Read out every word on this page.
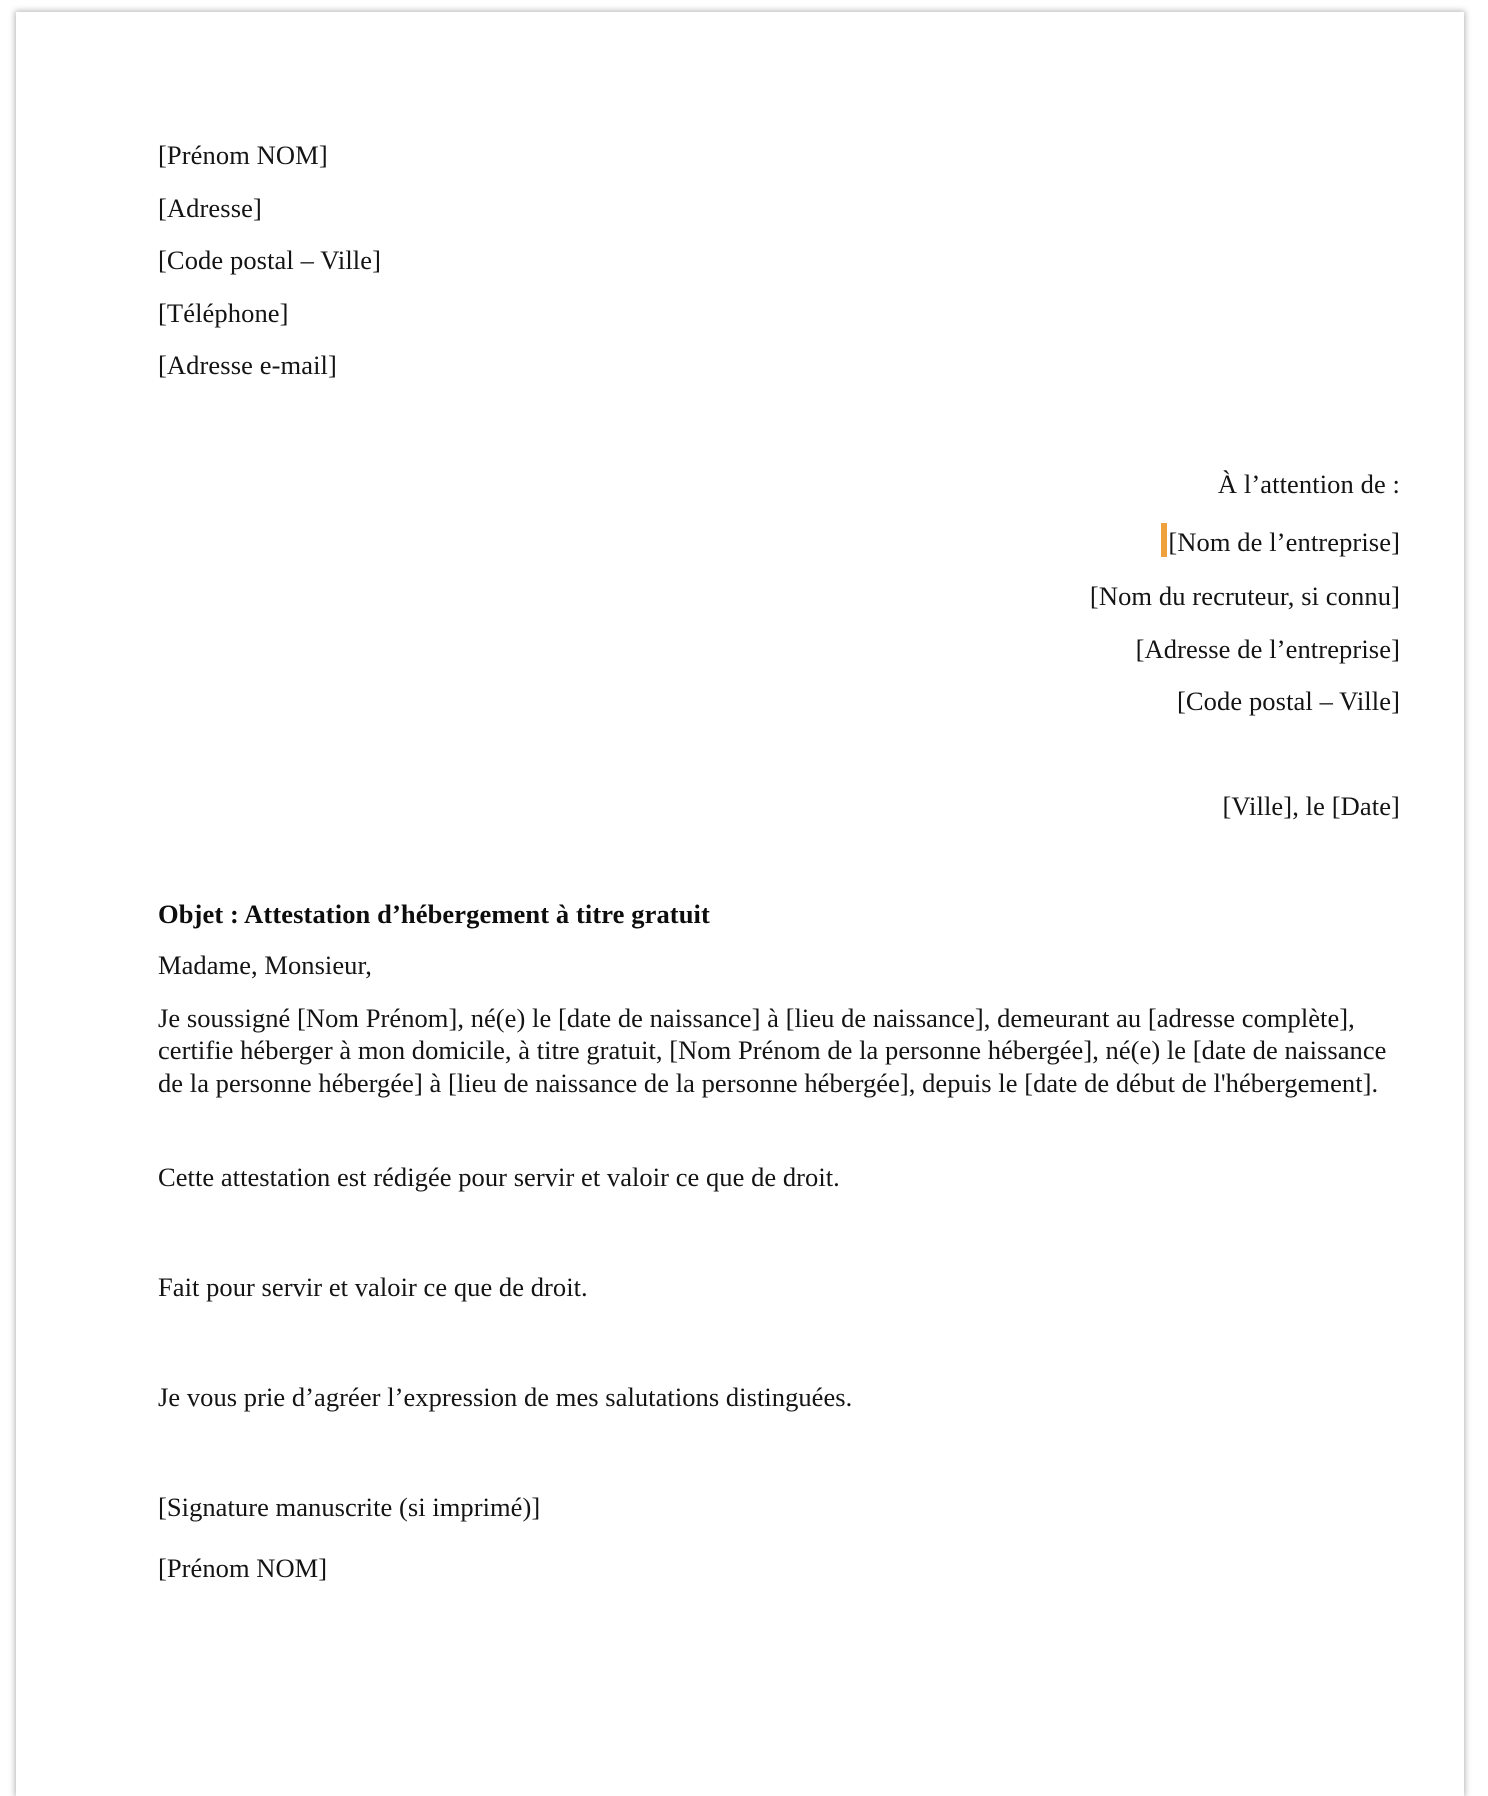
[Prénom NOM]
[Adresse]
[Code postal – Ville]
[Téléphone]
[Adresse e-mail]
À l’attention de :
[Nom de l’entreprise]
[Nom du recruteur, si connu]
[Adresse de l’entreprise]
[Code postal – Ville]
[Ville], le [Date]
Objet : Attestation d’hébergement à titre gratuit
Madame, Monsieur,
Je soussigné [Nom Prénom], né(e) le [date de naissance] à [lieu de naissance], demeurant au [adresse complète], certifie héberger à mon domicile, à titre gratuit, [Nom Prénom de la personne hébergée], né(e) le [date de naissance de la personne hébergée] à [lieu de naissance de la personne hébergée], depuis le [date de début de l'hébergement].
Cette attestation est rédigée pour servir et valoir ce que de droit.
Fait pour servir et valoir ce que de droit.
Je vous prie d’agréer l’expression de mes salutations distinguées.
[Signature manuscrite (si imprimé)]
[Prénom NOM]
